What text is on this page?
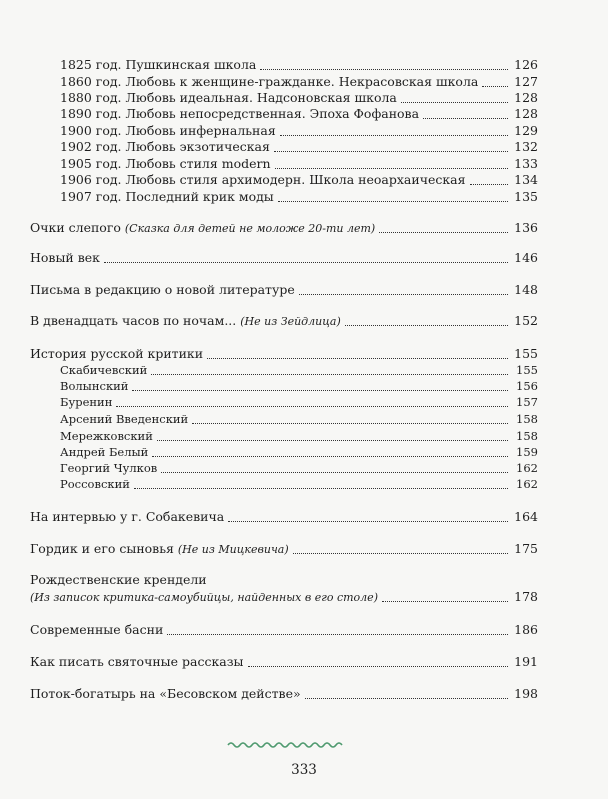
1825 год. Пушкинская школа	126
1860 год. Любовь к женщине-гражданке. Некрасовская школа	127
1880 год. Любовь идеальная. Надсоновская школа	128
1890 год. Любовь непосредственная. Эпоха Фофанова	128
1900 год. Любовь инфернальная	129
1902 год. Любовь экзотическая	132
1905 год. Любовь стиля modern	133
1906 год. Любовь стиля архимодерн. Школа неоархаическая	134
1907 год. Последний крик моды	135
Очки слепого (Сказка для детей не моложе 20-ти лет)	136
Новый век	146
Письма в редакцию о новой литературе	148
В двенадцать часов по ночам... (Не из Зейдлица)	152
История русской критики	155
Скабичевский	155
Волынский	156
Буренин	157
Арсений Введенский	158
Мережковский	158
Андрей Белый	159
Георгий Чулков	162
Россовский	162
На интервью у г. Собакевича	164
Гордик и его сыновья (Не из Мицкевича)	175
Рождественские крендели
(Из записок критика-самоубийцы, найденных в его столе)	178
Современные басни	186
Как писать святочные рассказы	191
Поток-богатырь на «Бесовском действе»	198
333
